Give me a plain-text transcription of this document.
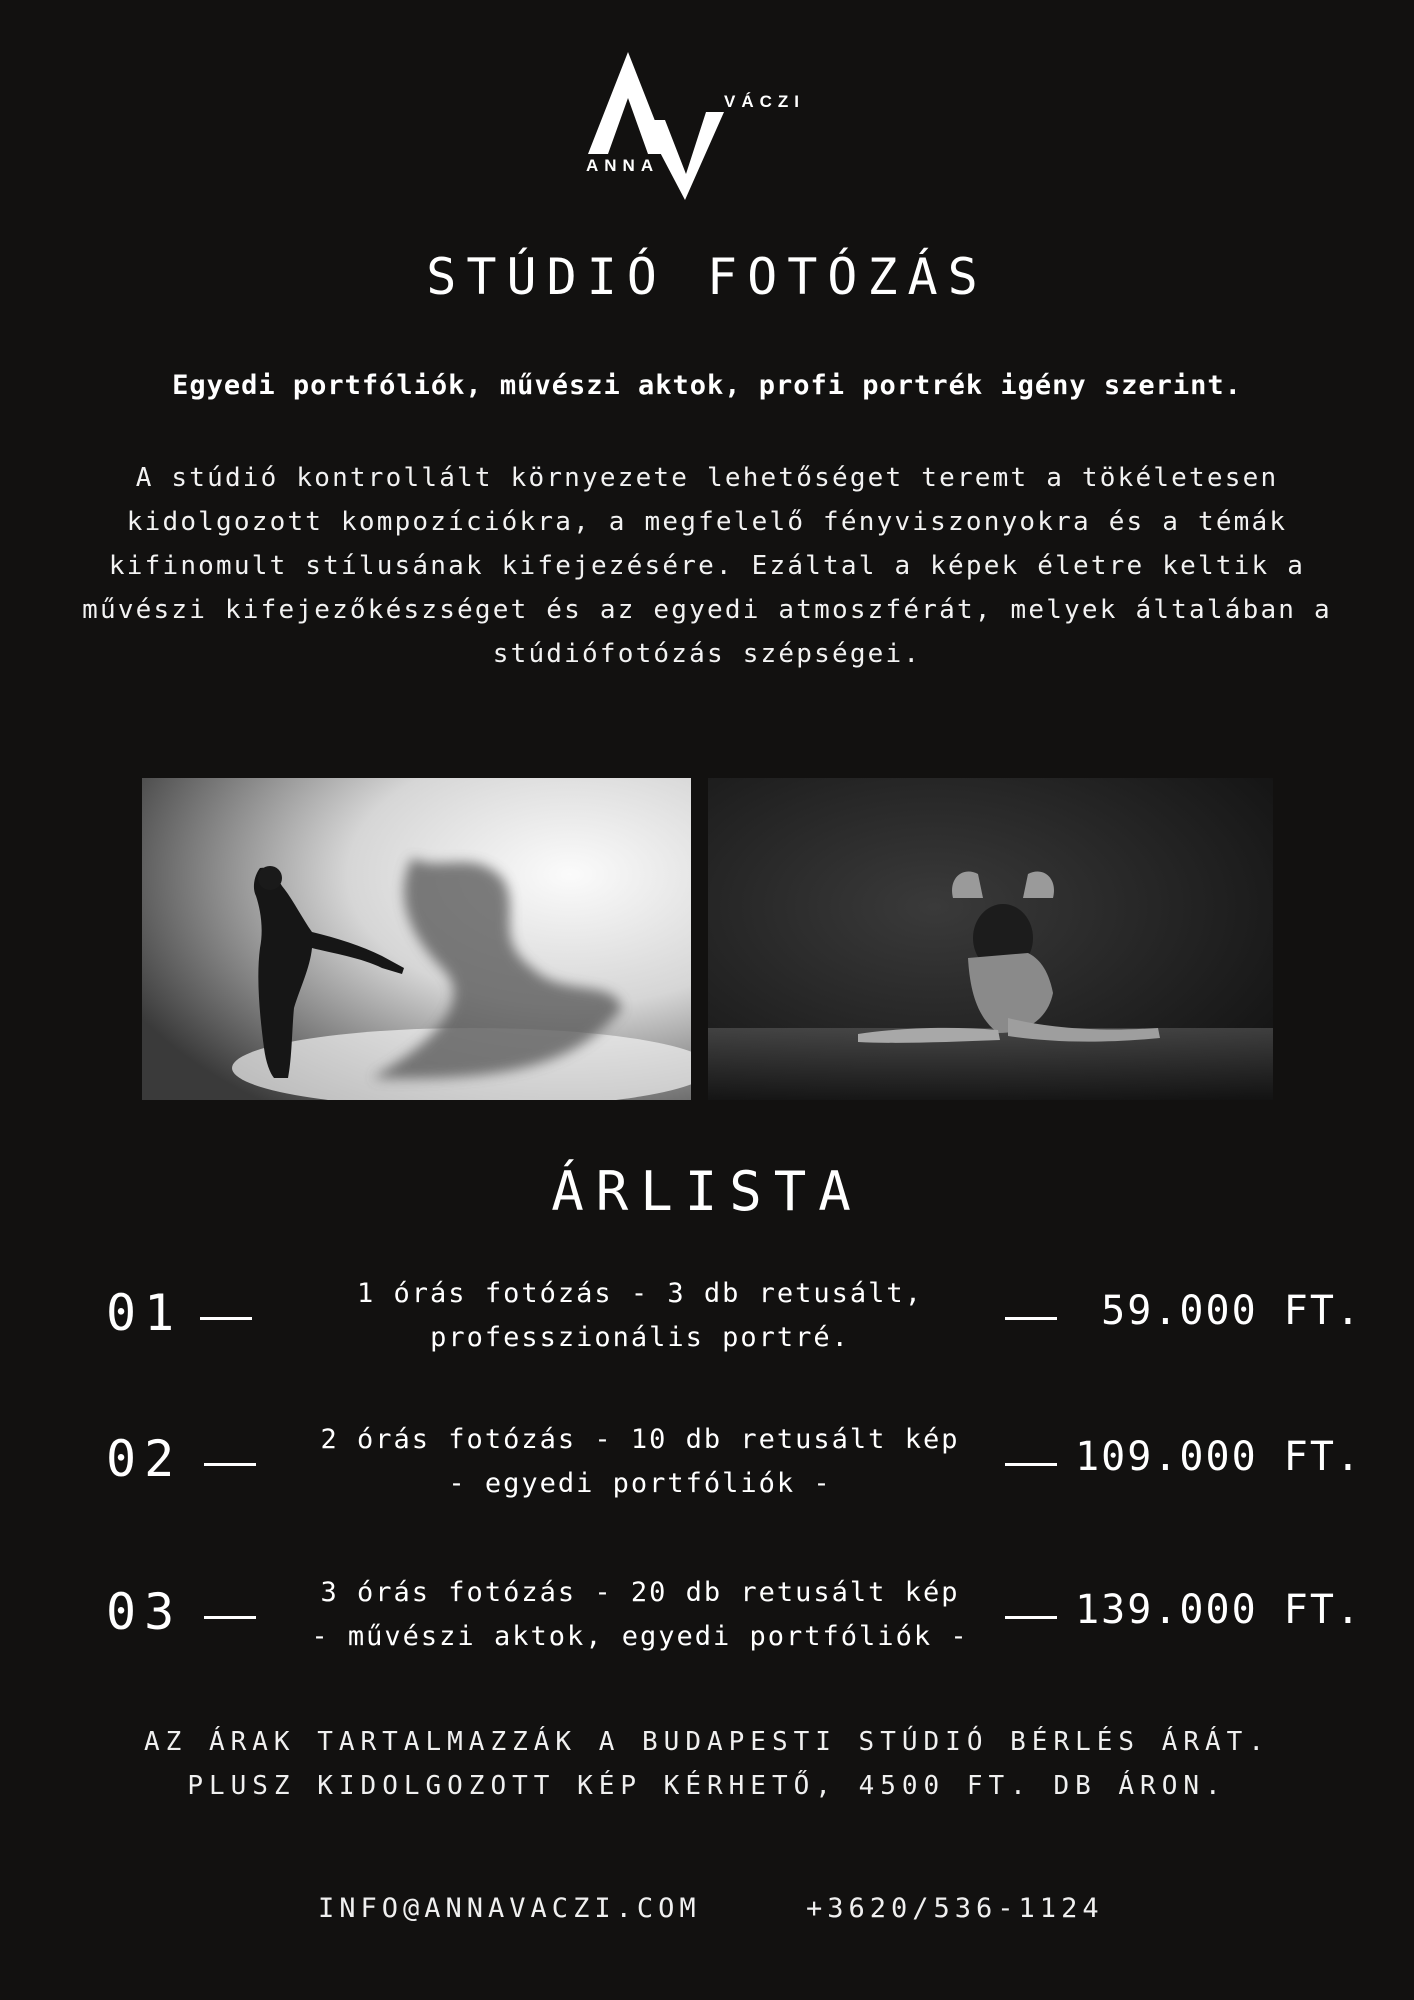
VÁCZI
ANNA
STÚDIÓ FOTÓZÁS
Egyedi portfóliók, művészi aktok, profi portrék igény szerint.
A stúdió kontrollált környezete lehetőséget teremt a tökéletesen
kidolgozott kompozíciókra, a megfelelő fényviszonyokra és a témák
kifinomult stílusának kifejezésére. Ezáltal a képek életre keltik a
művészi kifejezőkészséget és az egyedi atmoszférát, melyek általában a
stúdiófotózás szépségei.
ÁRLISTA
01	1 órás fotózás - 3 db retusált,
professzionális portré.
59.000 FT.
02	2 órás fotózás - 10 db retusált kép
- egyedi portfóliók -
109.000 FT.
03	3 órás fotózás - 20 db retusált kép
- művészi aktok, egyedi portfóliók -
139.000 FT.
AZ ÁRAK TARTALMAZZÁK A BUDAPESTI STÚDIÓ BÉRLÉS ÁRÁT.
PLUSZ KIDOLGOZOTT KÉP KÉRHETŐ, 4500 FT. DB ÁRON.
INFO@ANNAVACZI.COM	+3620/536-1124
